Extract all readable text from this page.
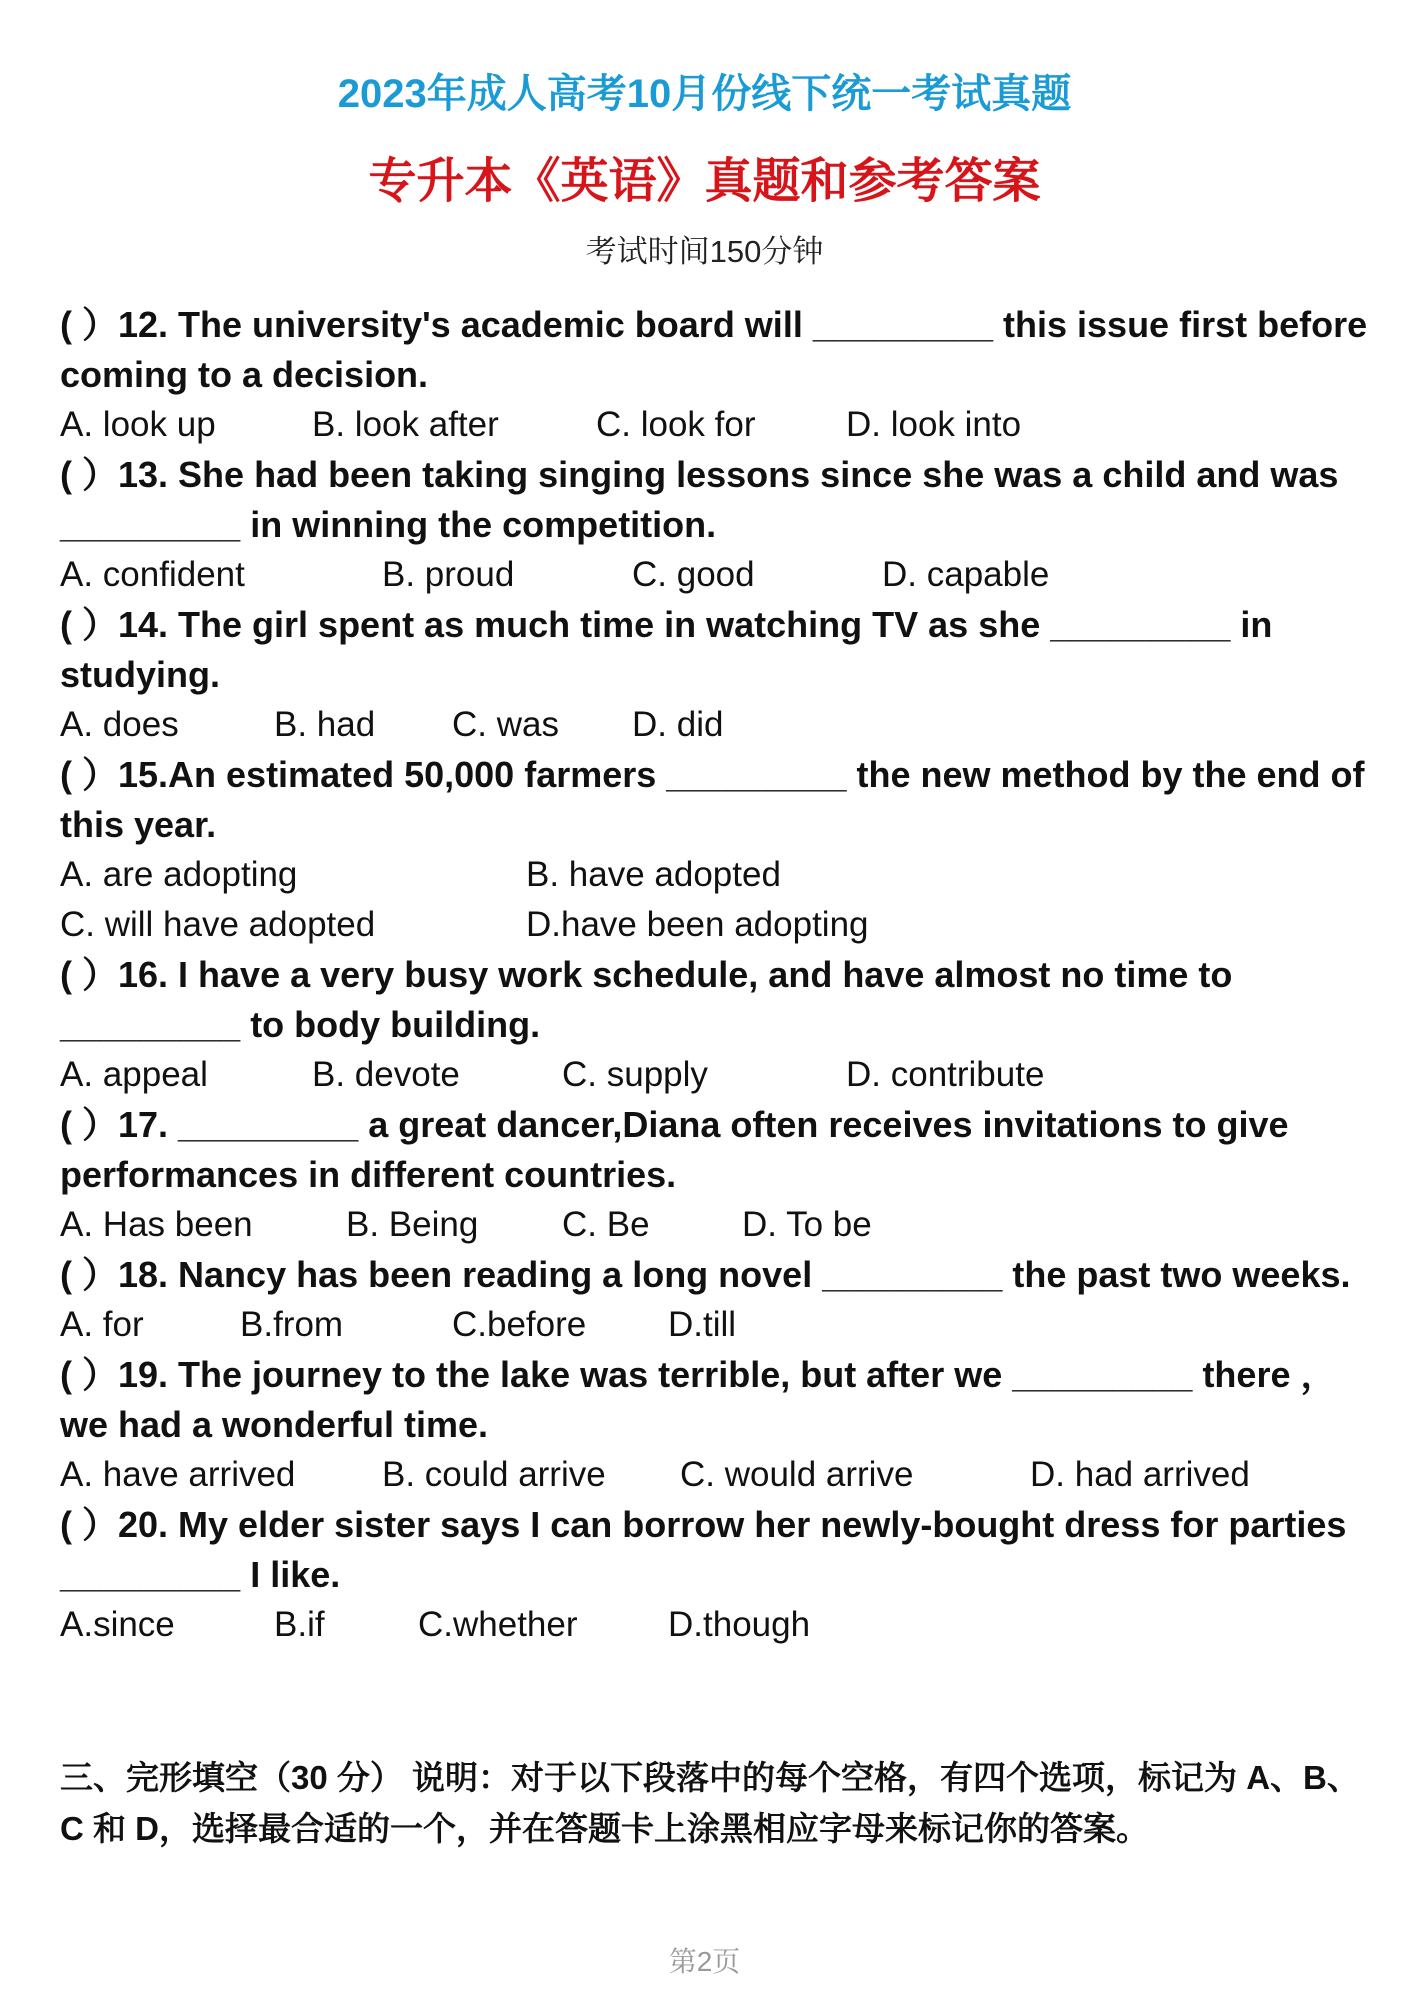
2023年成人高考10月份线下统一考试真题
专升本《英语》真题和参考答案
考试时间150分钟

( ）12. The university's academic board will _________ this issue first before coming to a decision.

A. look up	B. look after	C. look for	D. look into

( ）13. She had been taking singing lessons since she was a child and was _________ in winning the competition.

A. confident	B. proud	C. good	D. capable

( ）14. The girl spent as much time in watching TV as she _________ in studying.

A. does	B. had C. was D. did

( ）15.An estimated 50,000 farmers _________ the new method by the end of this year.

A. are adopting	B. have adopted
C. will have adopted	D.have been adopting

( ）16. I have a very busy work schedule, and have almost no time to _________ to body building.

A. appeal	B. devote	C. supply	D. contribute

( ）17. _________ a great dancer,Diana often receives invitations to give performances in different countries.

A. Has been	B. Being C. Be	D. To be

( ）18. Nancy has been reading a long novel _________ the past two weeks.

A. for	B.from	C.before D.till

( ）19. The journey to the lake was terrible, but after we _________ there ，we had a wonderful time.

A. have arrived B. could arrive C. would arrive	D. had arrived

( ）20. My elder sister says I can borrow her newly-bought dress for parties _________ I like.

A.since	B.if	C.whether	D.though
三、完形填空（30 分） 说明：对于以下段落中的每个空格，有四个选项，标记为 A、B、C 和 D，选择最合适的一个，并在答题卡上涂黑相应字母来标记你的答案。
第2页
